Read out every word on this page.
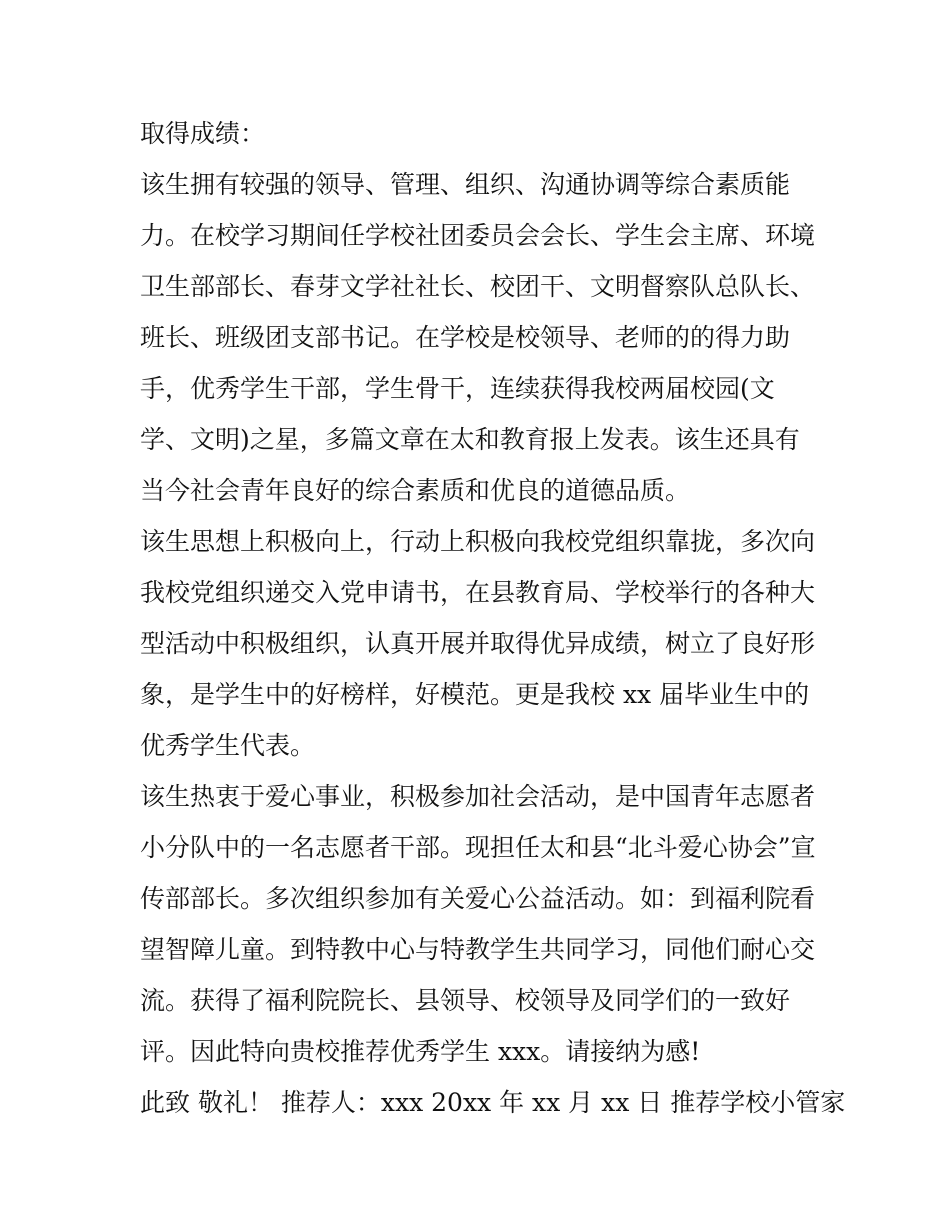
取得成绩：
该生拥有较强的领导、管理、组织、沟通协调等综合素质能
力。在校学习期间任学校社团委员会会长、学生会主席、环境
卫生部部长、春芽文学社社长、校团干、文明督察队总队长、
班长、班级团支部书记。在学校是校领导、老师的的得力助
手，优秀学生干部，学生骨干，连续获得我校两届校园(文
学、文明)之星，多篇文章在太和教育报上发表。该生还具有
当今社会青年良好的综合素质和优良的道德品质。
该生思想上积极向上，行动上积极向我校党组织靠拢，多次向
我校党组织递交入党申请书，在县教育局、学校举行的各种大
型活动中积极组织，认真开展并取得优异成绩，树立了良好形
象，是学生中的好榜样，好模范。更是我校 xx 届毕业生中的
优秀学生代表。
该生热衷于爱心事业，积极参加社会活动，是中国青年志愿者
小分队中的一名志愿者干部。现担任太和县“北斗爱心协会”宣
传部部长。多次组织参加有关爱心公益活动。如：到福利院看
望智障儿童。到特教中心与特教学生共同学习，同他们耐心交
流。获得了福利院院长、县领导、校领导及同学们的一致好
评。因此特向贵校推荐优秀学生 xxx。请接纳为感!
此致 敬礼！ 推荐人：xxx 20xx 年 xx 月 xx 日 推荐学校小管家
